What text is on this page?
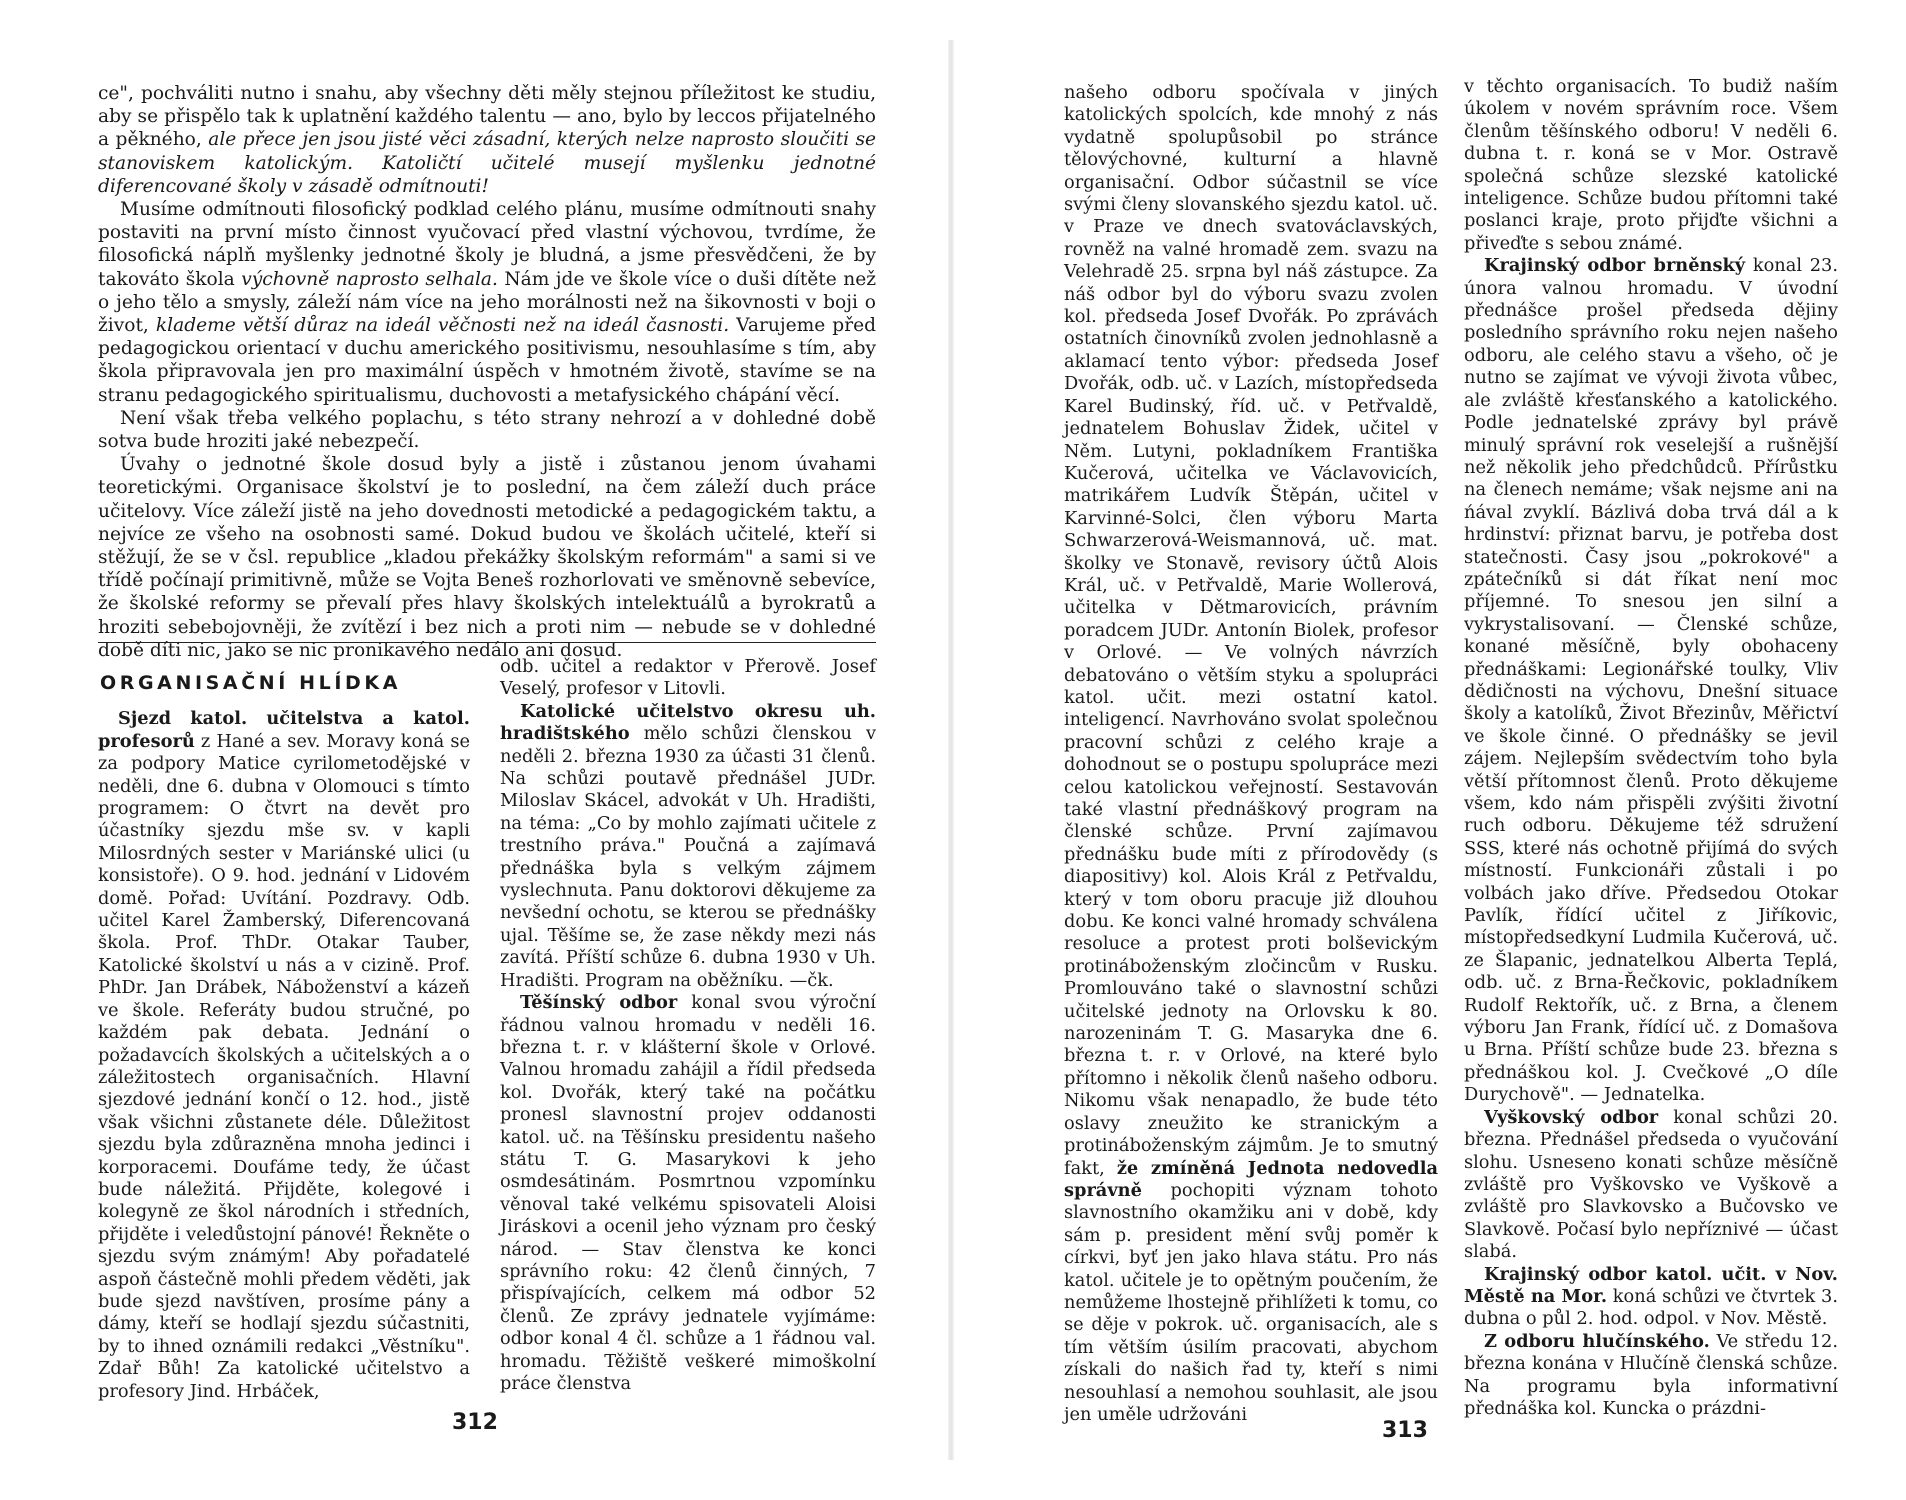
ce", pochváliti nutno i snahu, aby všechny děti měly stejnou příležitost ke studiu, aby se přispělo tak k uplatnění každého talentu — ano, bylo by leccos přijatelného a pěkného, ale přece jen jsou jisté věci zásadní, kterých nelze naprosto sloučiti se stanoviskem katolickým. Katoličtí učitelé musejí myšlenku jednotné diferencované školy v zásadě odmítnouti!

Musíme odmítnouti filosofický podklad celého plánu, musíme odmítnouti snahy postaviti na první místo činnost vyučovací před vlastní výchovou, tvrdíme, že filosofická náplň myšlenky jednotné školy je bludná, a jsme přesvědčeni, že by takováto škola výchovně naprosto selhala. Nám jde ve škole více o duši dítěte než o jeho tělo a smysly, záleží nám více na jeho morálnosti než na šikovnosti v boji o život, klademe větší důraz na ideál věčnosti než na ideál časnosti. Varujeme před pedagogickou orientací v duchu amerického positivismu, nesouhlasíme s tím, aby škola připravovala jen pro maximální úspěch v hmotném životě, stavíme se na stranu pedagogického spiritualismu, duchovosti a metafysického chápání věcí.

Není však třeba velkého poplachu, s této strany nehrozí a v dohledné době sotva bude hroziti jaké nebezpečí.

Úvahy o jednotné škole dosud byly a jistě i zůstanou jenom úvahami teoretickými. Organisace školství je to poslední, na čem záleží duch práce učitelovy. Více záleží jistě na jeho dovednosti metodické a pedagogickém taktu, a nejvíce ze všeho na osobnosti samé. Dokud budou ve školách učitelé, kteří si stěžují, že se v čsl. republice „kladou překážky školským reformám" a sami si ve třídě počínají primitivně, může se Vojta Beneš rozhorlovati ve směnovně sebevíce, že školské reformy se převalí přes hlavy školských intelektuálů a byrokratů a hroziti sebebojovněji, že zvítězí i bez nich a proti nim — nebude se v dohledné době díti nic, jako se nic pronikavého nedálo ani dosud.

ORGANISAČNÍ HLÍDKA

Sjezd katol. učitelstva a katol. profesorů z Hané a sev. Moravy koná se za podpory Matice cyrilometodějské v neděli, dne 6. dubna v Olomouci s tímto programem: O čtvrt na devět pro účastníky sjezdu mše sv. v kapli Milosrdných sester v Mariánské ulici (u konsistoře). O 9. hod. jednání v Lidovém domě. Pořad: Uvítání. Pozdravy. Odb. učitel Karel Žamberský, Diferencovaná škola. Prof. ThDr. Otakar Tauber, Katolické školství u nás a v cizině. Prof. PhDr. Jan Drábek, Náboženství a kázeň ve škole. Referáty budou stručné, po každém pak debata. Jednání o požadavcích školských a učitelských a o záležitostech organisačních. Hlavní sjezdové jednání končí o 12. hod., jistě však všichni zůstanete déle. Důležitost sjezdu byla zdůrazněna mnoha jedinci i korporacemi. Doufáme tedy, že účast bude náležitá. Přijděte, kolegové i kolegyně ze škol národních i středních, přijděte i veledůstojní pánové! Řekněte o sjezdu svým známým! Aby pořadatelé aspoň částečně mohli předem věděti, jak bude sjezd navštíven, prosíme pány a dámy, kteří se hodlají sjezdu súčastniti, by to ihned oznámili redakci „Věstníku". Zdař Bůh! Za katolické učitelstvo a profesory Jind. Hrbáček,

odb. učitel a redaktor v Přerově. Josef Veselý, profesor v Litovli.

Katolické učitelstvo okresu uh. hradištského mělo schůzi členskou v neděli 2. března 1930 za účasti 31 členů. Na schůzi poutavě přednášel JUDr. Miloslav Skácel, advokát v Uh. Hradišti, na téma: „Co by mohlo zajímati učitele z trestního práva." Poučná a zajímavá přednáška byla s velkým zájmem vyslechnuta. Panu doktorovi děkujeme za nevšední ochotu, se kterou se přednášky ujal. Těšíme se, že zase někdy mezi nás zavítá. Příští schůze 6. dubna 1930 v Uh. Hradišti. Program na oběžníku. —čk.

Těšínský odbor konal svou výroční řádnou valnou hromadu v neděli 16. března t. r. v klášterní škole v Orlové. Valnou hromadu zahájil a řídil předseda kol. Dvořák, který také na počátku pronesl slavnostní projev oddanosti katol. uč. na Těšínsku presidentu našeho státu T. G. Masarykovi k jeho osmdesátinám. Posmrtnou vzpomínku věnoval také velkému spisovateli Aloisi Jiráskovi a ocenil jeho význam pro český národ. — Stav členstva ke konci správního roku: 42 členů činných, 7 přispívajících, celkem má odbor 52 členů. Ze zprávy jednatele vyjímáme: odbor konal 4 čl. schůze a 1 řádnou val. hromadu. Těžiště veškeré mimoškolní práce členstva

312

našeho odboru spočívala v jiných katolických spolcích, kde mnohý z nás vydatně spolupůsobil po stránce tělovýchovné, kulturní a hlavně organisační. Odbor súčastnil se více svými členy slovanského sjezdu katol. uč. v Praze ve dnech svatováclavských, rovněž na valné hromadě zem. svazu na Velehradě 25. srpna byl náš zástupce. Za náš odbor byl do výboru svazu zvolen kol. předseda Josef Dvořák. Po zprávách ostatních činovníků zvolen jednohlasně a aklamací tento výbor: předseda Josef Dvořák, odb. uč. v Lazích, místopředseda Karel Budinský, říd. uč. v Petřvaldě, jednatelem Bohuslav Židek, učitel v Něm. Lutyni, pokladníkem Františka Kučerová, učitelka ve Václavovicích, matrikářem Ludvík Štěpán, učitel v Karvinné-Solci, člen výboru Marta Schwarzerová-Weismannová, uč. mat. školky ve Stonavě, revisory účtů Alois Král, uč. v Petřvaldě, Marie Wollerová, učitelka v Dětmarovicích, právním poradcem JUDr. Antonín Biolek, profesor v Orlové. — Ve volných návrzích debatováno o větším styku a spolupráci katol. učit. mezi ostatní katol. inteligencí. Navrhováno svolat společnou pracovní schůzi z celého kraje a dohodnout se o postupu spolupráce mezi celou katolickou veřejností. Sestavován také vlastní přednáškový program na členské schůze. První zajímavou přednášku bude míti z přírodovědy (s diapositivy) kol. Alois Král z Petřvaldu, který v tom oboru pracuje již dlouhou dobu. Ke konci valné hromady schválena resoluce a protest proti bolševickým protináboženským zločincům v Rusku. Promlouváno také o slavnostní schůzi učitelské jednoty na Orlovsku k 80. narozeninám T. G. Masaryka dne 6. března t. r. v Orlové, na které bylo přítomno i několik členů našeho odboru. Nikomu však nenapadlo, že bude této oslavy zneužito ke stranickým a protináboženským zájmům. Je to smutný fakt, že zmíněná Jednota nedovedla správně pochopiti význam tohoto slavnostního okamžiku ani v době, kdy sám p. president mění svůj poměr k církvi, byť jen jako hlava státu. Pro nás katol. učitele je to opětným poučením, že nemůžeme lhostejně přihlížeti k tomu, co se děje v pokrok. uč. organisacích, ale s tím větším úsilím pracovati, abychom získali do našich řad ty, kteří s nimi nesouhlasí a nemohou souhlasit, ale jsou jen uměle udržováni

v těchto organisacích. To budiž naším úkolem v novém správním roce. Všem členům těšínského odboru! V neděli 6. dubna t. r. koná se v Mor. Ostravě společná schůze slezské katolické inteligence. Schůze budou přítomni také poslanci kraje, proto přijďte všichni a přiveďte s sebou známé.

Krajinský odbor brněnský konal 23. února valnou hromadu. V úvodní přednášce prošel předseda dějiny posledního správního roku nejen našeho odboru, ale celého stavu a všeho, oč je nutno se zajímat ve vývoji života vůbec, ale zvláště křesťanského a katolického. Podle jednatelské zprávy byl právě minulý správní rok veselejší a rušnější než několik jeho předchůdců. Přírůstku na členech nemáme; však nejsme ani na ńával zvyklí. Bázlivá doba trvá dál a k hrdinství: přiznat barvu, je potřeba dost statečnosti. Časy jsou „pokrokové" a zpátečníků si dát říkat není moc příjemné. To snesou jen silní a vykrystalisovaní. — Členské schůze, konané měsíčně, byly obohaceny přednáškami: Legionářské toulky, Vliv dědičnosti na výchovu, Dnešní situace školy a katolíků, Život Březinův, Měřictví ve škole činné. O přednášky se jevil zájem. Nejlepším svědectvím toho byla větší přítomnost členů. Proto děkujeme všem, kdo nám přispěli zvýšiti životní ruch odboru. Děkujeme též sdružení SSS, které nás ochotně přijímá do svých místností. Funkcionáři zůstali i po volbách jako dříve. Předsedou Otokar Pavlík, řídící učitel z Jiříkovic, místopředsedkyní Ludmila Kučerová, uč. ze Šlapanic, jednatelkou Alberta Teplá, odb. uč. z Brna-Řečkovic, pokladníkem Rudolf Rektořík, uč. z Brna, a členem výboru Jan Frank, řídící uč. z Domašova u Brna. Příští schůze bude 23. března s přednáškou kol. J. Cvečkové „O díle Durychově". — Jednatelka.

Vyškovský odbor konal schůzi 20. března. Přednášel předseda o vyučování slohu. Usneseno konati schůze měsíčně zvláště pro Vyškovsko ve Vyškově a zvláště pro Slavkovsko a Bučovsko ve Slavkově. Počasí bylo nepříznivé — účast slabá.

Krajinský odbor katol. učit. v Nov. Městě na Mor. koná schůzi ve čtvrtek 3. dubna o půl 2. hod. odpol. v Nov. Městě.

Z odboru hlučínského. Ve středu 12. března konána v Hlučíně členská schůze. Na programu byla informativní přednáška kol. Kuncka o prázdni-

313
